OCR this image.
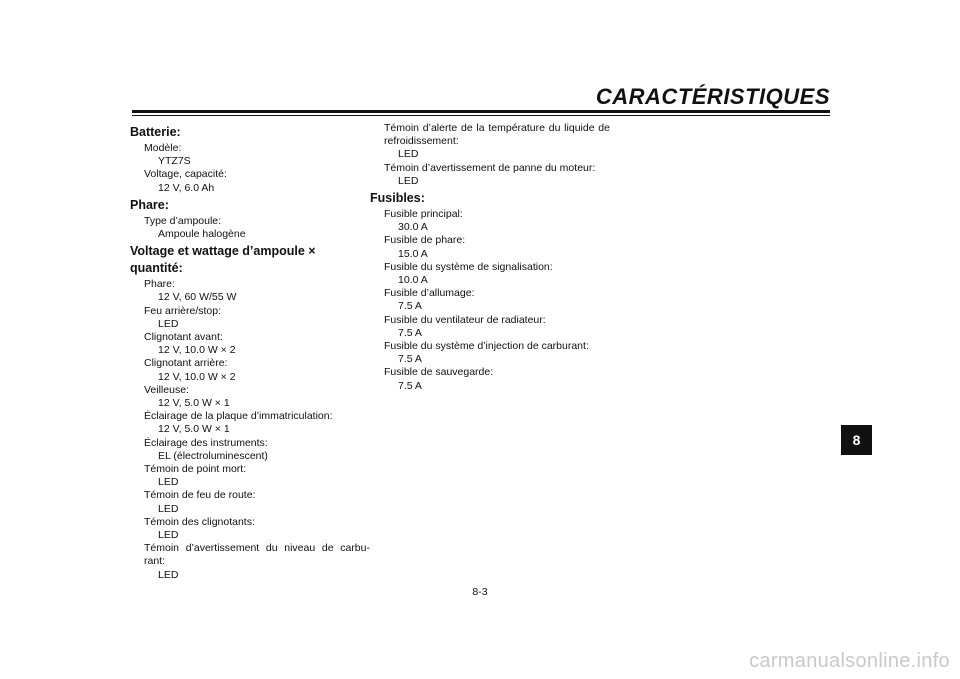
CARACTÉRISTIQUES
Batterie:
Modèle:
YTZ7S
Voltage, capacité:
12 V, 6.0 Ah
Phare:
Type d’ampoule:
Ampoule halogène
Voltage et wattage d’ampoule × quantité:
Phare:
12 V, 60 W/55 W
Feu arrière/stop:
LED
Clignotant avant:
12 V, 10.0 W × 2
Clignotant arrière:
12 V, 10.0 W × 2
Veilleuse:
12 V, 5.0 W × 1
Éclairage de la plaque d’immatriculation:
12 V, 5.0 W × 1
Éclairage des instruments:
EL (électroluminescent)
Témoin de point mort:
LED
Témoin de feu de route:
LED
Témoin des clignotants:
LED
Témoin d’avertissement du niveau de carbu-rant:
LED
Témoin d’alerte de la température du liquide de refroidissement:
LED
Témoin d’avertissement de panne du moteur:
LED
Fusibles:
Fusible principal:
30.0 A
Fusible de phare:
15.0 A
Fusible du système de signalisation:
10.0 A
Fusible d’allumage:
7.5 A
Fusible du ventilateur de radiateur:
7.5 A
Fusible du système d’injection de carburant:
7.5 A
Fusible de sauvegarde:
7.5 A
8
8-3
carmanualsonline.info
